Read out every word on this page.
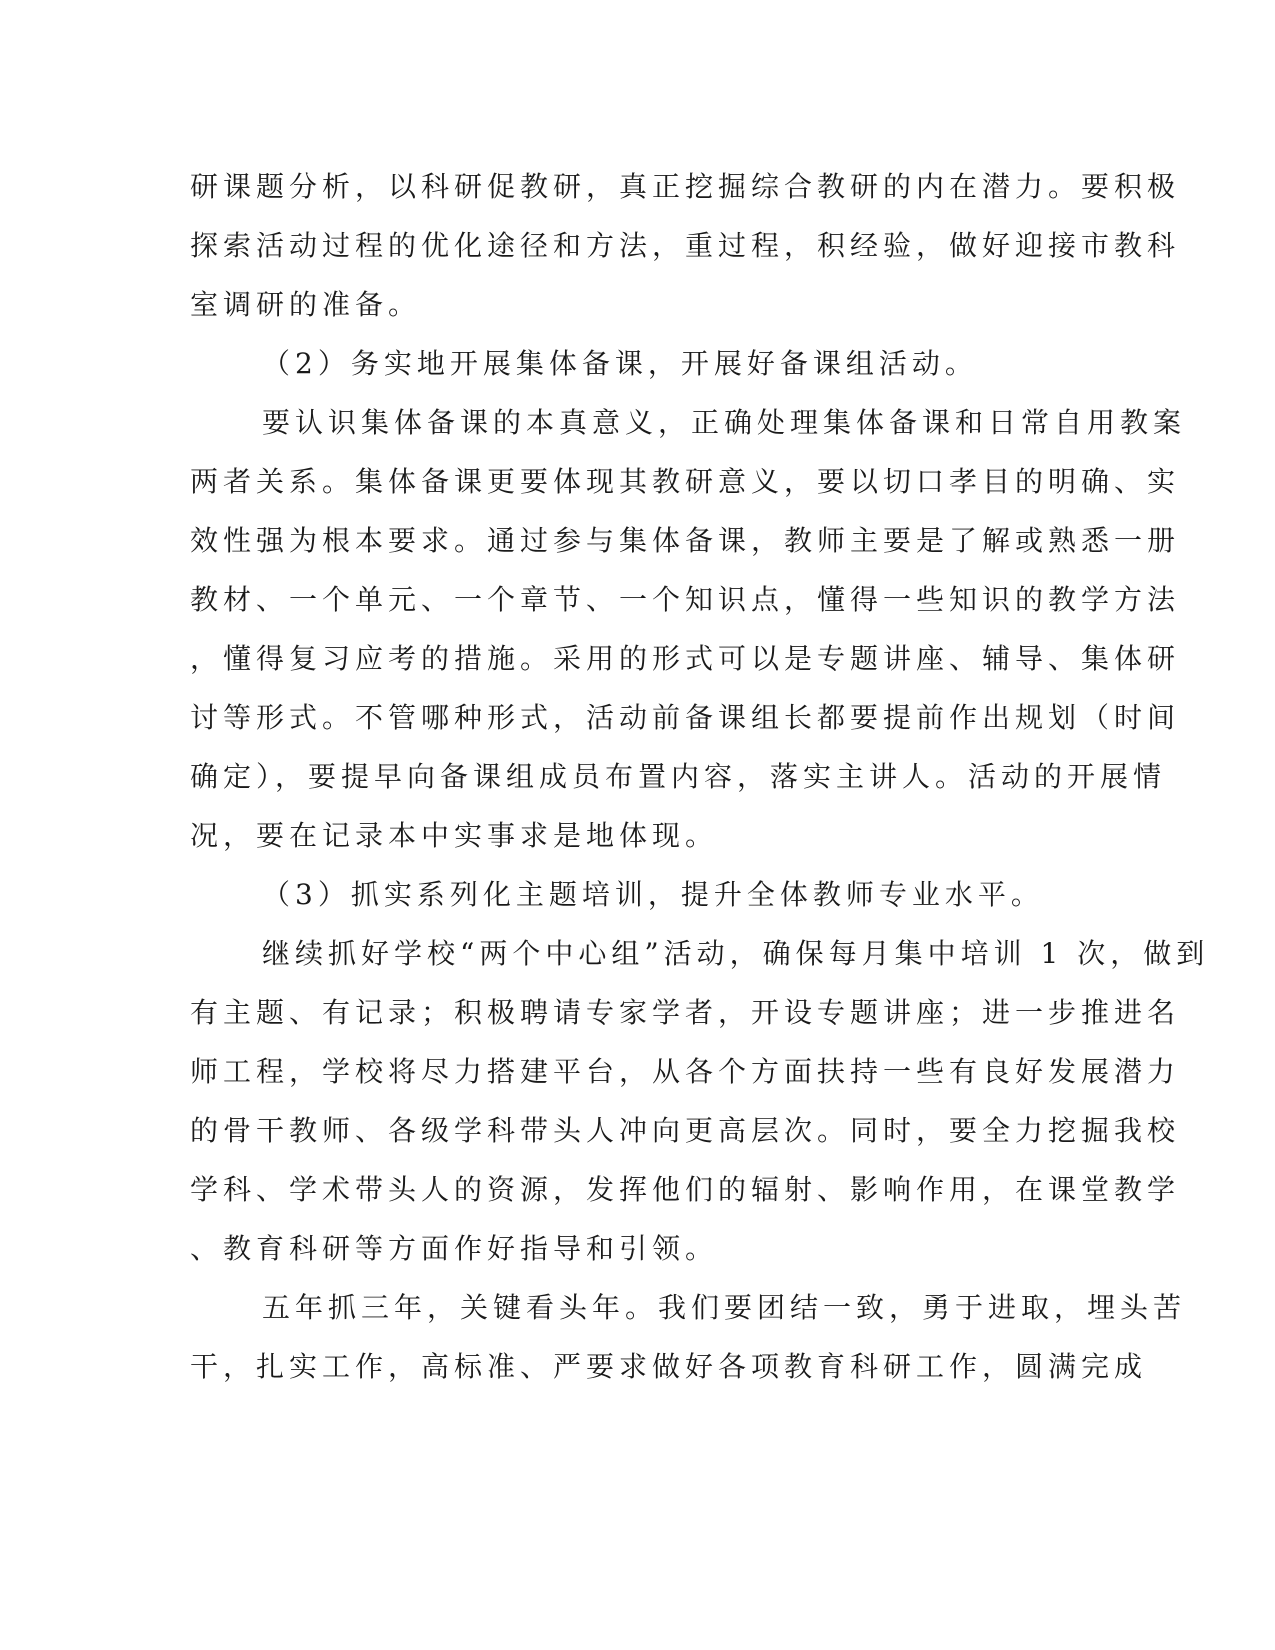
研课题分析，以科研促教研，真正挖掘综合教研的内在潜力。要积极
探索活动过程的优化途径和方法，重过程，积经验，做好迎接市教科
室调研的准备。
（2）务实地开展集体备课，开展好备课组活动。
要认识集体备课的本真意义，正确处理集体备课和日常自用教案
两者关系。集体备课更要体现其教研意义，要以切口孝目的明确、实
效性强为根本要求。通过参与集体备课，教师主要是了解或熟悉一册
教材、一个单元、一个章节、一个知识点，懂得一些知识的教学方法
，懂得复习应考的措施。采用的形式可以是专题讲座、辅导、集体研
讨等形式。不管哪种形式，活动前备课组长都要提前作出规划（时间
确定），要提早向备课组成员布置内容，落实主讲人。活动的开展情
况，要在记录本中实事求是地体现。
（3）抓实系列化主题培训，提升全体教师专业水平。
继续抓好学校“两个中心组”活动，确保每月集中培训 1 次，做到
有主题、有记录；积极聘请专家学者，开设专题讲座；进一步推进名
师工程，学校将尽力搭建平台，从各个方面扶持一些有良好发展潜力
的骨干教师、各级学科带头人冲向更高层次。同时，要全力挖掘我校
学科、学术带头人的资源，发挥他们的辐射、影响作用，在课堂教学
、教育科研等方面作好指导和引领。
五年抓三年，关键看头年。我们要团结一致，勇于进取，埋头苦
干，扎实工作，高标准、严要求做好各项教育科研工作，圆满完成
